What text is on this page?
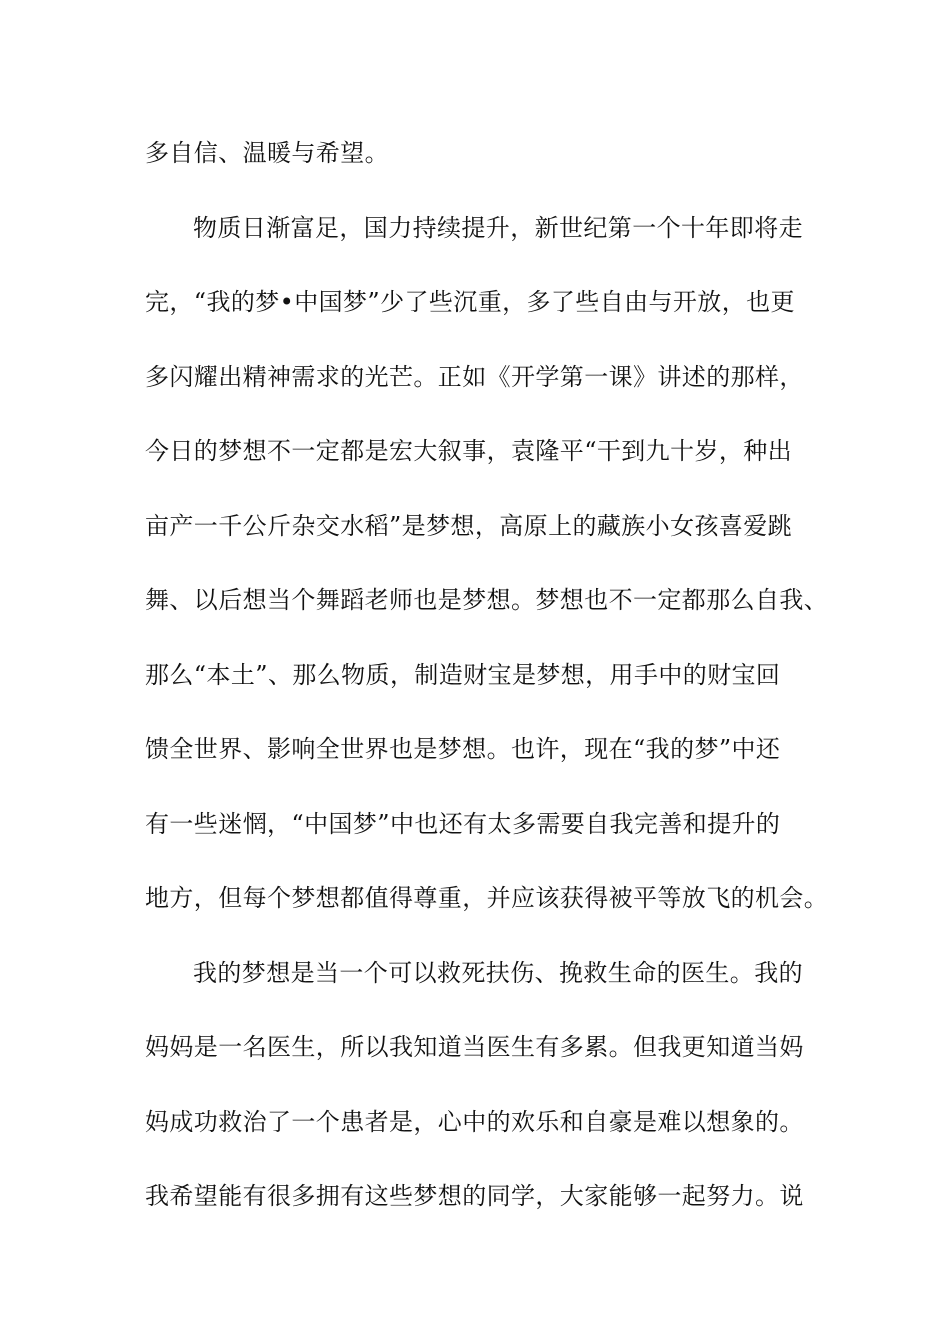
多自信、温暖与希望。
物质日渐富足，国力持续提升，新世纪第一个十年即将走
完，“我的梦•中国梦”少了些沉重，多了些自由与开放，也更
多闪耀出精神需求的光芒。正如《开学第一课》讲述的那样，
今日的梦想不一定都是宏大叙事，袁隆平“干到九十岁，种出
亩产一千公斤杂交水稻”是梦想，高原上的藏族小女孩喜爱跳
舞、以后想当个舞蹈老师也是梦想。梦想也不一定都那么自我、
那么“本土”、那么物质，制造财宝是梦想，用手中的财宝回
馈全世界、影响全世界也是梦想。也许，现在“我的梦”中还
有一些迷惘，“中国梦”中也还有太多需要自我完善和提升的
地方，但每个梦想都值得尊重，并应该获得被平等放飞的机会。
我的梦想是当一个可以救死扶伤、挽救生命的医生。我的
妈妈是一名医生，所以我知道当医生有多累。但我更知道当妈
妈成功救治了一个患者是，心中的欢乐和自豪是难以想象的。
我希望能有很多拥有这些梦想的同学，大家能够一起努力。说
